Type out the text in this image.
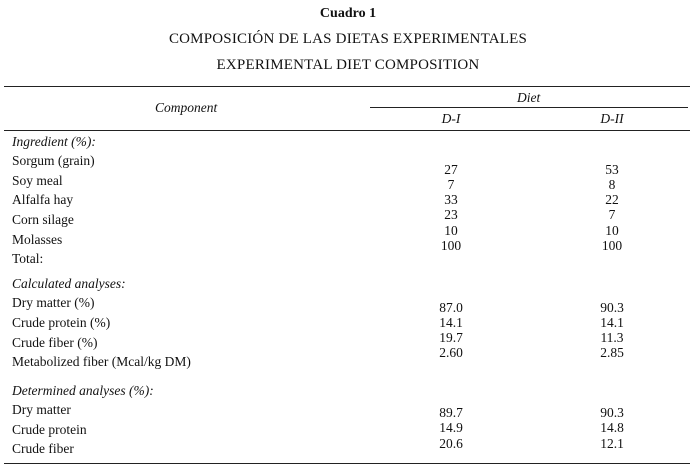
Cuadro 1
COMPOSICIÓN DE LAS DIETAS EXPERIMENTALES
EXPERIMENTAL DIET COMPOSITION
Component
Diet
D-I	D-II
Ingredient (%):
Sorgum (grain)
Soy meal
Alfalfa hay
Corn silage
Molasses
Total:
27
7
33
23
10
100
53
8
22
7
10
100
Calculated analyses:
Dry matter (%)
Crude protein (%)
Crude fiber (%)
Metabolized fiber (Mcal/kg DM)
87.0
14.1
19.7
2.60
90.3
14.1
11.3
2.85
Determined analyses (%):
Dry matter
Crude protein
Crude fiber
89.7
14.9
20.6
90.3
14.8
12.1
